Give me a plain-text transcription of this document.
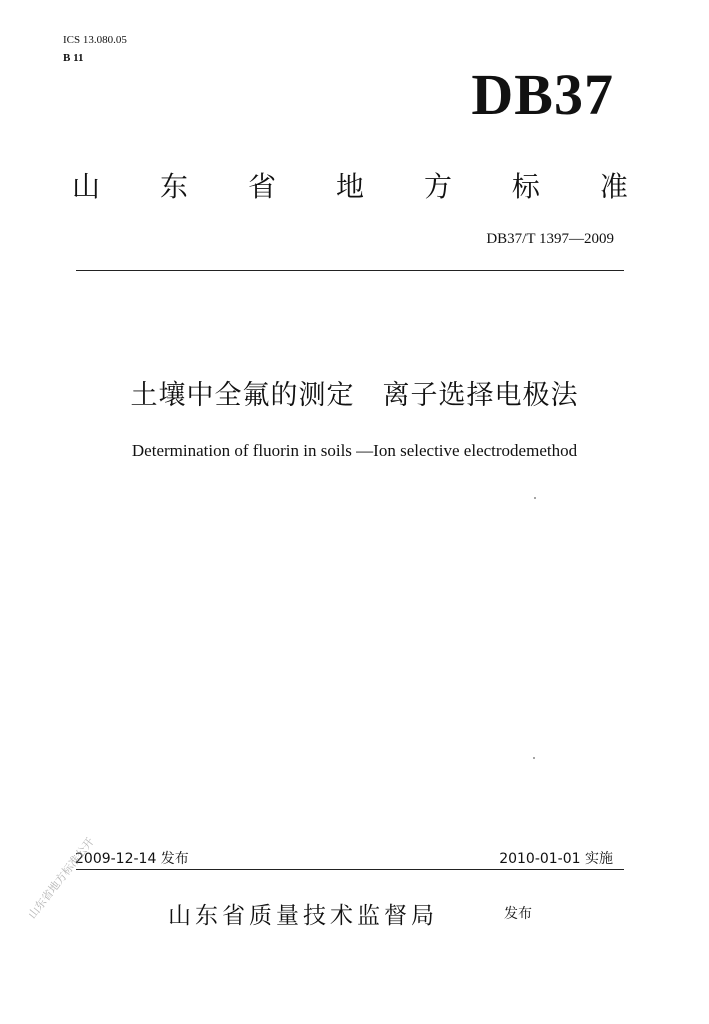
ICS 13.080.05
B 11
DB37
山 东 省 地 方 标 准
DB37/T 1397—2009
土壤中全氟的测定　离子选择电极法
Determination of fluorin in soils —Ion selective electrodemethod
2009-12-14 发布	2010-01-01 实施
山东省质量技术监督局	发布
山东省地方标准公开
